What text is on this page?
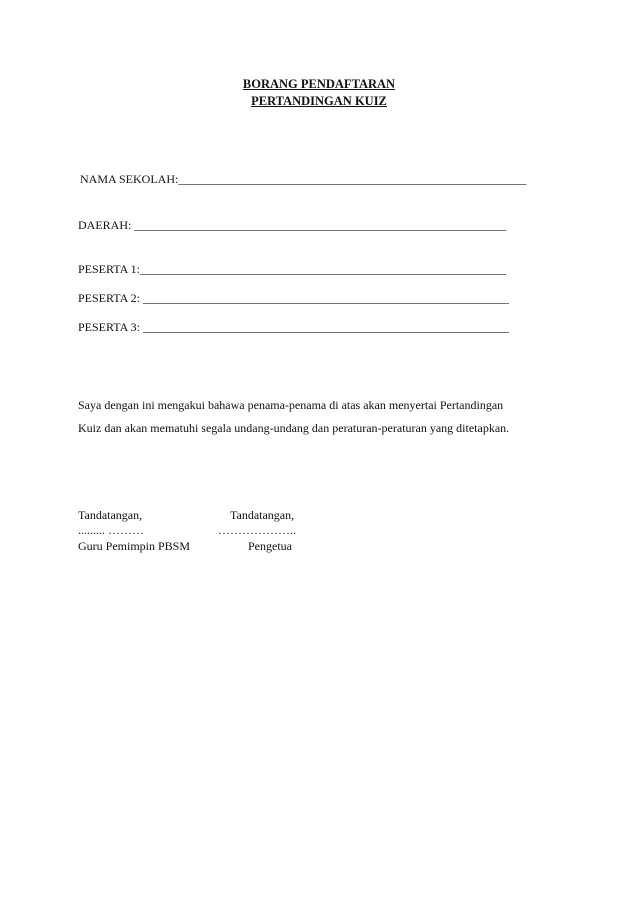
BORANG PENDAFTARAN
PERTANDINGAN KUIZ
NAMA SEKOLAH:__________________________________________________________
DAERAH: ______________________________________________________________
PESERTA 1:_____________________________________________________________
PESERTA 2: _____________________________________________________________
PESERTA 3: _____________________________________________________________
Saya dengan ini mengakui bahawa penama-penama di atas akan menyertai Pertandingan
Kuiz dan akan mematuhi segala undang-undang dan peraturan-peraturan yang ditetapkan.
Tandatangan,
......... ………
Guru Pemimpin PBSM
Tandatangan,
………………..
Pengetua
